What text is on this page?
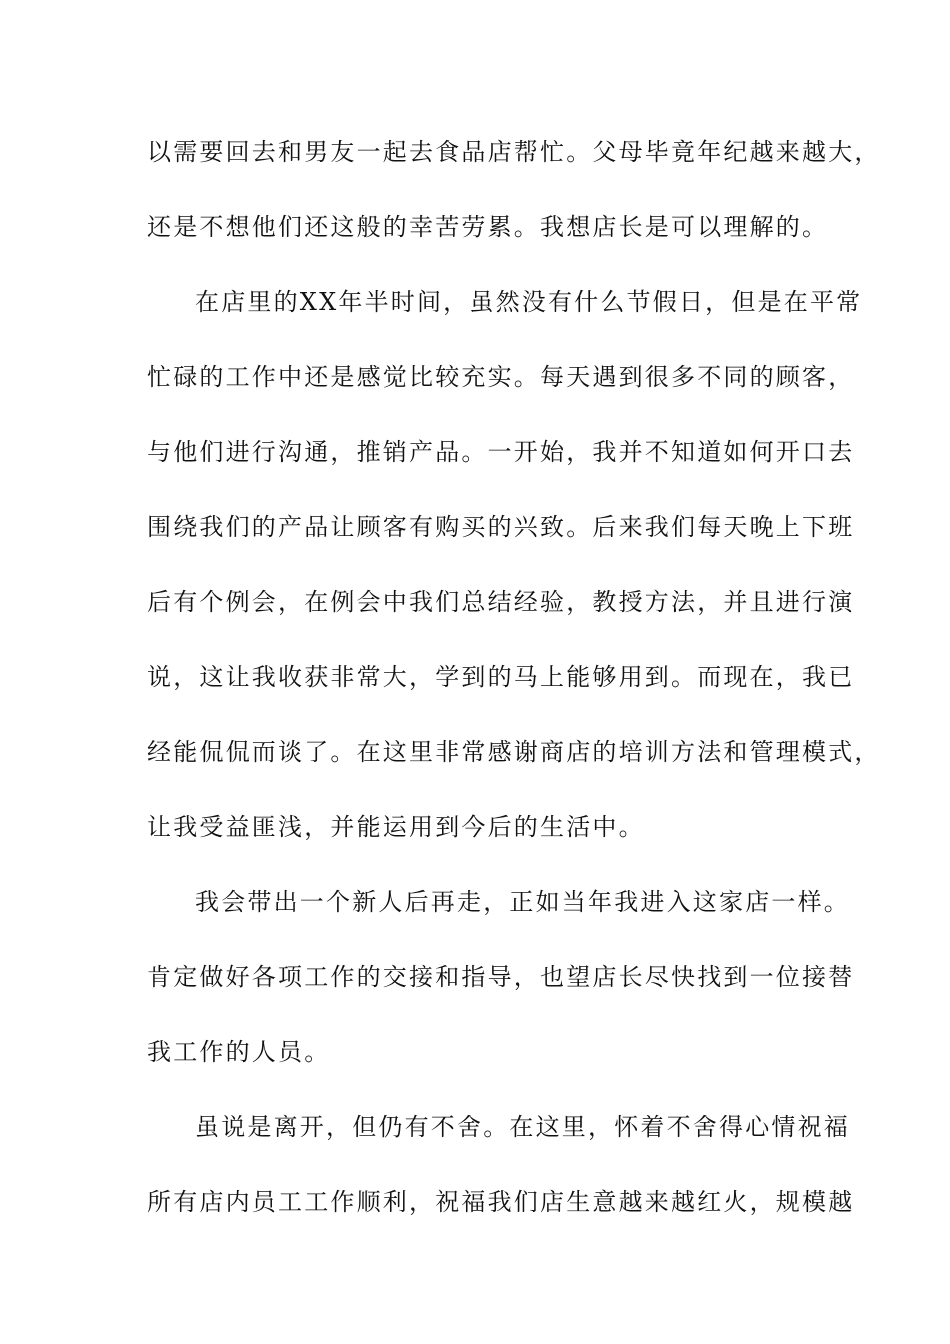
以需要回去和男友一起去食品店帮忙。父母毕竟年纪越来越大，
还是不想他们还这般的幸苦劳累。我想店长是可以理解的。
在店里的XX年半时间，虽然没有什么节假日，但是在平常
忙碌的工作中还是感觉比较充实。每天遇到很多不同的顾客，
与他们进行沟通，推销产品。一开始，我并不知道如何开口去
围绕我们的产品让顾客有购买的兴致。后来我们每天晚上下班
后有个例会，在例会中我们总结经验，教授方法，并且进行演
说，这让我收获非常大，学到的马上能够用到。而现在，我已
经能侃侃而谈了。在这里非常感谢商店的培训方法和管理模式，
让我受益匪浅，并能运用到今后的生活中。
我会带出一个新人后再走，正如当年我进入这家店一样。
肯定做好各项工作的交接和指导，也望店长尽快找到一位接替
我工作的人员。
虽说是离开，但仍有不舍。在这里，怀着不舍得心情祝福
所有店内员工工作顺利，祝福我们店生意越来越红火，规模越
